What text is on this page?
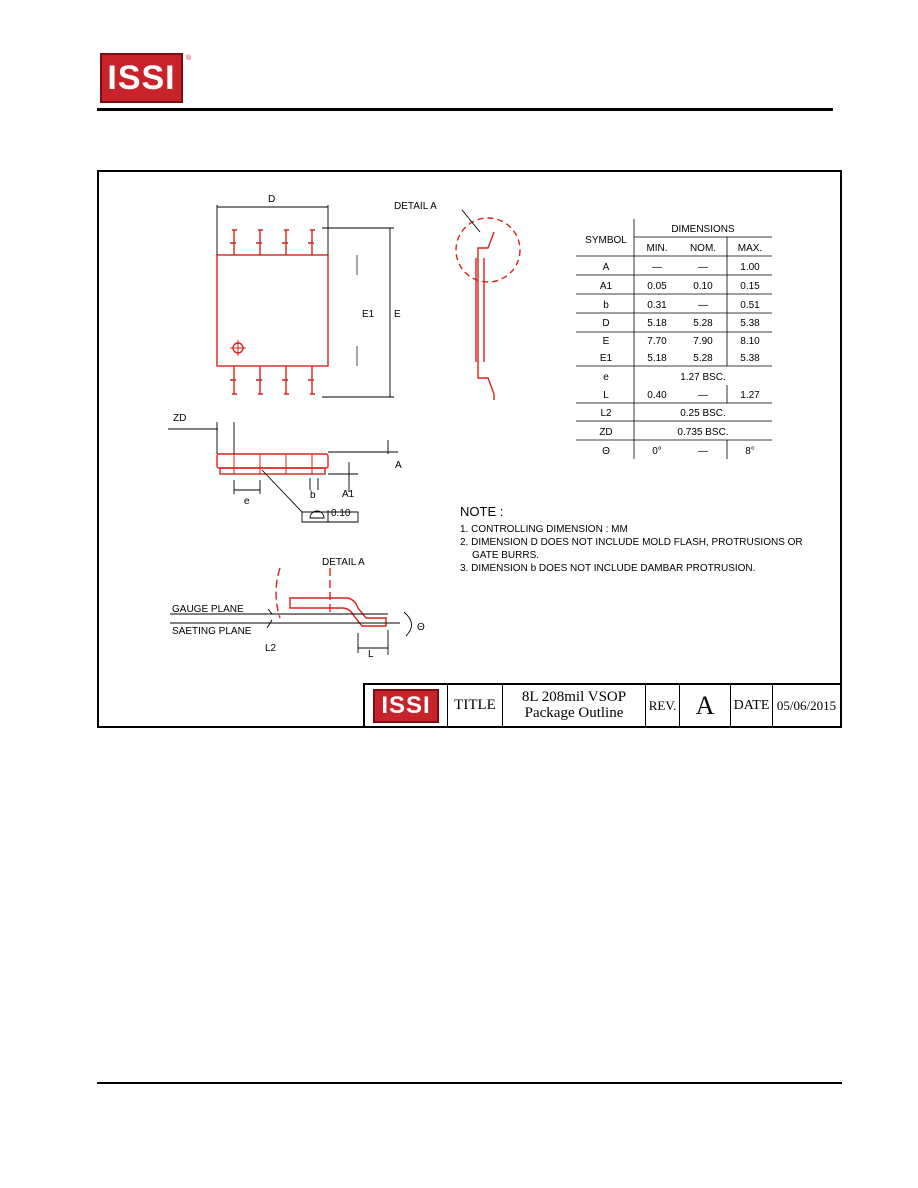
ISSI ®
D
DETAIL A
E1 E
ZD
A
b	A1
e
0.10
DETAIL A
GAUGE PLANE
SAETING PLANE
L2
L
Θ
SYMBOL
DIMENSIONS
MIN. NOM. MAX.
A	—	—	1.00
A1	0.05	0.10	0.15
b	0.31	—	0.51
D	5.18	5.28	5.38
E	7.70	7.90	8.10
E1	5.18	5.28	5.38
e	1.27 BSC.
L	0.40	—	1.27
L2	0.25 BSC.
ZD	0.735 BSC.
Θ	0°	—	8°
NOTE :
1. CONTROLLING DIMENSION : MM
2. DIMENSION D DOES NOT INCLUDE MOLD FLASH, PROTRUSIONS OR
GATE BURRS.
3. DIMENSION b DOES NOT INCLUDE DAMBAR PROTRUSION.
ISSI TITLE 8L 208mil VSOP
Package Outline REV. A DATE 05/06/2015
